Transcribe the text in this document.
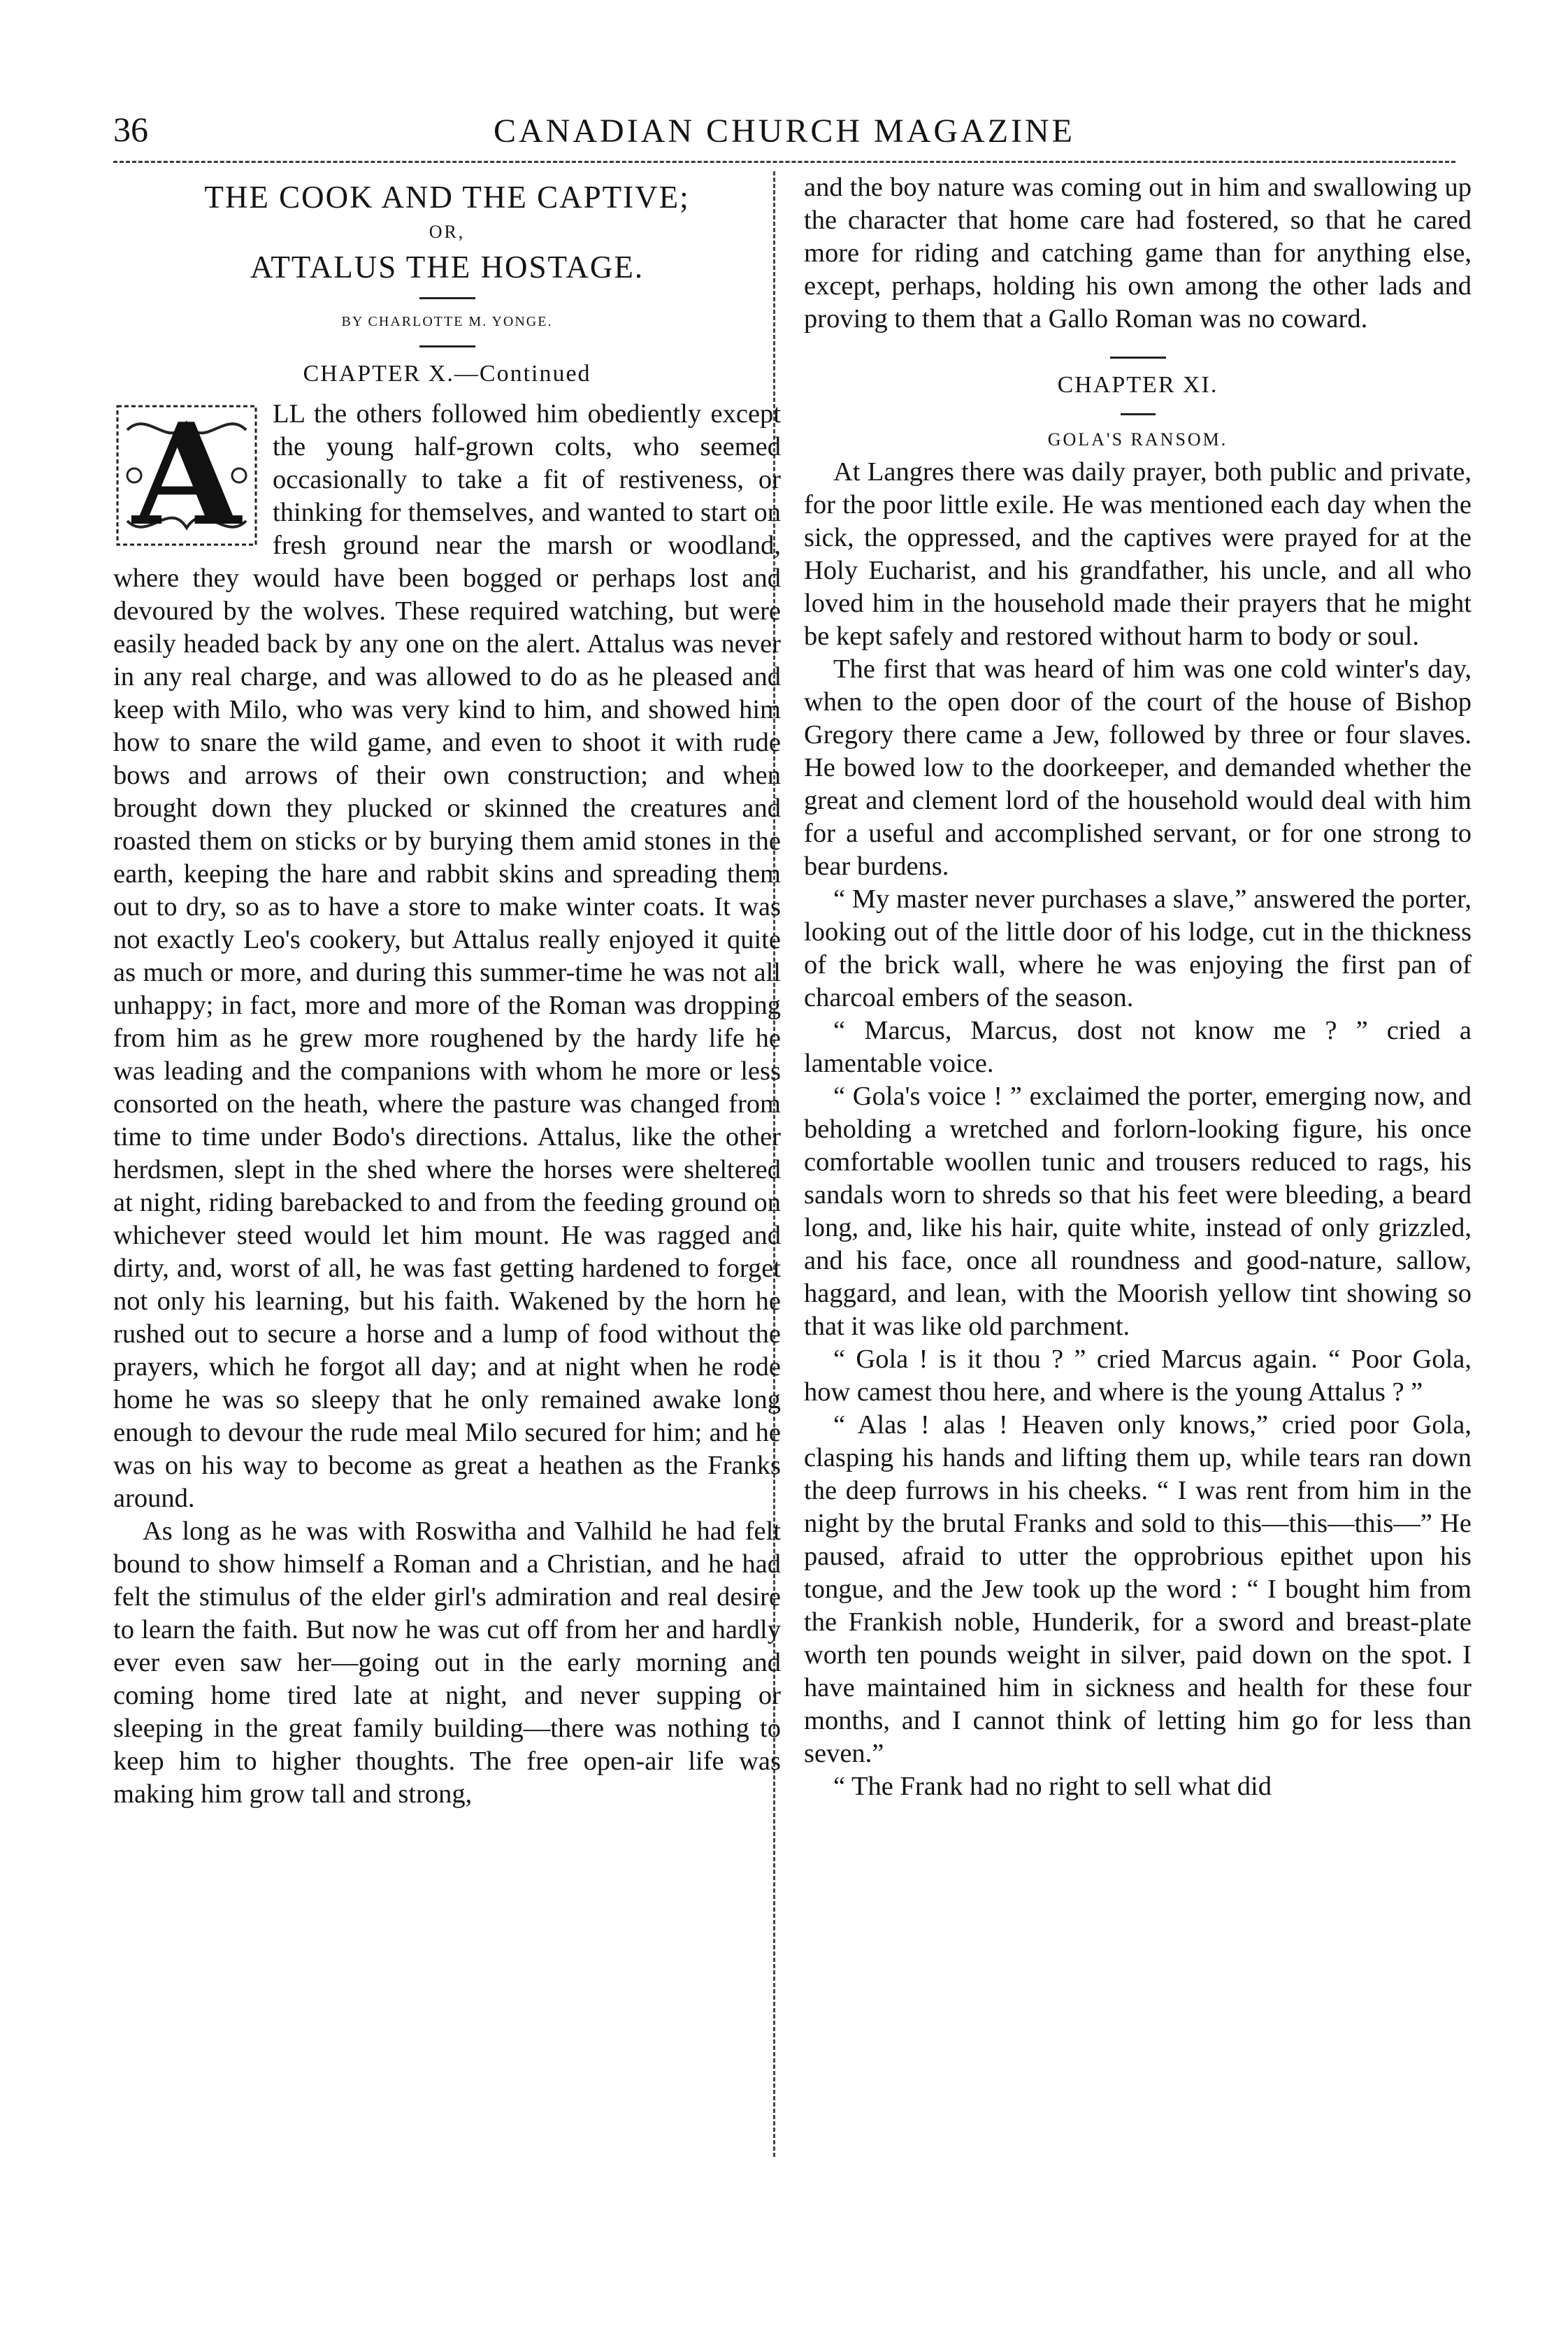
36	CANADIAN CHURCH MAGAZINE
THE COOK AND THE CAPTIVE;
OR,
ATTALUS THE HOSTAGE.
BY CHARLOTTE M. YONGE.
CHAPTER X.—Continued

A LL the others followed him obediently except the young half-grown colts, who seemed occasionally to take a fit of restiveness, or thinking for themselves, and wanted to start on fresh ground near the marsh or woodland, where they would have been bogged or perhaps lost and devoured by the wolves. These required watching, but were easily headed back by any one on the alert. Attalus was never in any real charge, and was allowed to do as he pleased and keep with Milo, who was very kind to him, and showed him how to snare the wild game, and even to shoot it with rude bows and arrows of their own construction; and when brought down they plucked or skinned the creatures and roasted them on sticks or by burying them amid stones in the earth, keeping the hare and rabbit skins and spreading them out to dry, so as to have a store to make winter coats. It was not exactly Leo's cookery, but Attalus really enjoyed it quite as much or more, and during this summer-time he was not all unhappy; in fact, more and more of the Roman was dropping from him as he grew more roughened by the hardy life he was leading and the companions with whom he more or less consorted on the heath, where the pasture was changed from time to time under Bodo's directions. Attalus, like the other herdsmen, slept in the shed where the horses were sheltered at night, riding barebacked to and from the feeding ground on whichever steed would let him mount. He was ragged and dirty, and, worst of all, he was fast getting hardened to forget not only his learning, but his faith. Wakened by the horn he rushed out to secure a horse and a lump of food without the prayers, which he forgot all day; and at night when he rode home he was so sleepy that he only remained awake long enough to devour the rude meal Milo secured for him; and he was on his way to become as great a heathen as the Franks around.

As long as he was with Roswitha and Valhild he had felt bound to show himself a Roman and a Christian, and he had felt the stimulus of the elder girl's admiration and real desire to learn the faith. But now he was cut off from her and hardly ever even saw her—going out in the early morning and coming home tired late at night, and never supping or sleeping in the great family building—there was nothing to keep him to higher thoughts. The free open-air life was making him grow tall and strong,

and the boy nature was coming out in him and swallowing up the character that home care had fostered, so that he cared more for riding and catching game than for anything else, except, perhaps, holding his own among the other lads and proving to them that a Gallo Roman was no coward.

CHAPTER XI.
GOLA'S RANSOM.

At Langres there was daily prayer, both public and private, for the poor little exile. He was mentioned each day when the sick, the oppressed, and the captives were prayed for at the Holy Eucharist, and his grandfather, his uncle, and all who loved him in the household made their prayers that he might be kept safely and restored without harm to body or soul.

The first that was heard of him was one cold winter's day, when to the open door of the court of the house of Bishop Gregory there came a Jew, followed by three or four slaves. He bowed low to the doorkeeper, and demanded whether the great and clement lord of the household would deal with him for a useful and accomplished servant, or for one strong to bear burdens.

“ My master never purchases a slave,” answered the porter, looking out of the little door of his lodge, cut in the thickness of the brick wall, where he was enjoying the first pan of charcoal embers of the season.

“ Marcus, Marcus, dost not know me ? ” cried a lamentable voice.

“ Gola's voice ! ” exclaimed the porter, emerging now, and beholding a wretched and forlorn-looking figure, his once comfortable woollen tunic and trousers reduced to rags, his sandals worn to shreds so that his feet were bleeding, a beard long, and, like his hair, quite white, instead of only grizzled, and his face, once all roundness and good-nature, sallow, haggard, and lean, with the Moorish yellow tint showing so that it was like old parchment.

“ Gola ! is it thou ? ” cried Marcus again. “ Poor Gola, how camest thou here, and where is the young Attalus ? ”

“ Alas ! alas ! Heaven only knows,” cried poor Gola, clasping his hands and lifting them up, while tears ran down the deep furrows in his cheeks. “ I was rent from him in the night by the brutal Franks and sold to this—this—this—” He paused, afraid to utter the opprobrious epithet upon his tongue, and the Jew took up the word : “ I bought him from the Frankish noble, Hunderik, for a sword and breast-plate worth ten pounds weight in silver, paid down on the spot. I have maintained him in sickness and health for these four months, and I cannot think of letting him go for less than seven.”

“ The Frank had no right to sell what did
